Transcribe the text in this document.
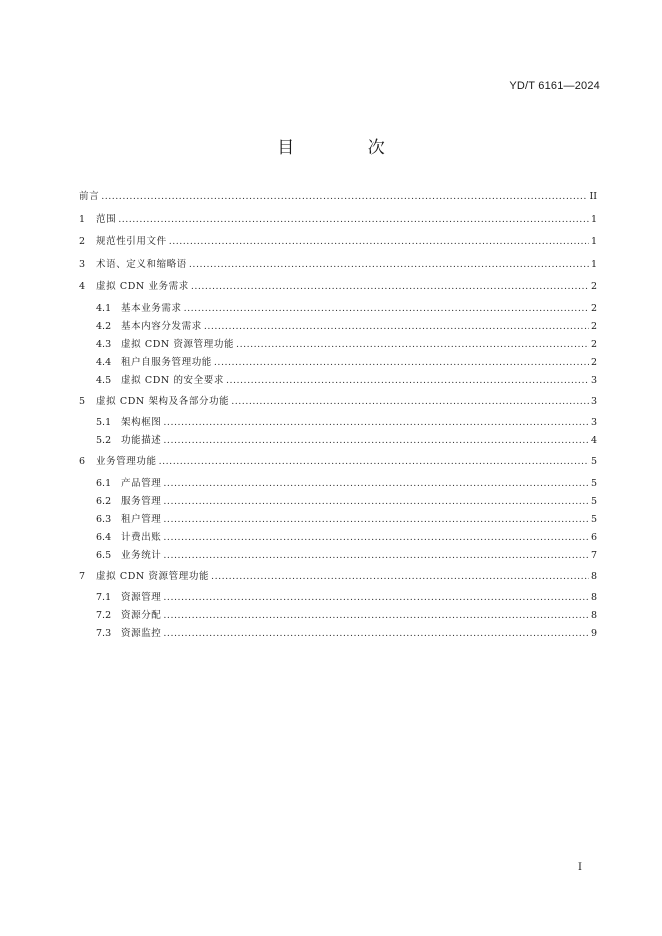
YD/T 6161—2024
目 次
前言 .....	II
1	范围 .....	1
2	规范性引用文件 .....	1
3	术语、定义和缩略语 .....	1
4	虚拟 CDN 业务需求 .....	2
4.1	基本业务需求 .....	2
4.2	基本内容分发需求 .....	2
4.3	虚拟 CDN 资源管理功能 .....	2
4.4	租户自服务管理功能 .....	2
4.5	虚拟 CDN 的安全要求 .....	3
5	虚拟 CDN 架构及各部分功能 .....	3
5.1	架构框图 .....	3
5.2	功能描述 .....	4
6	业务管理功能 .....	5
6.1	产品管理 .....	5
6.2	服务管理 .....	5
6.3	租户管理 .....	5
6.4	计费出账 .....	6
6.5	业务统计 .....	7
7	虚拟 CDN 资源管理功能 .....	8
7.1	资源管理 .....	8
7.2	资源分配 .....	8
7.3	资源监控 .....	9
I
